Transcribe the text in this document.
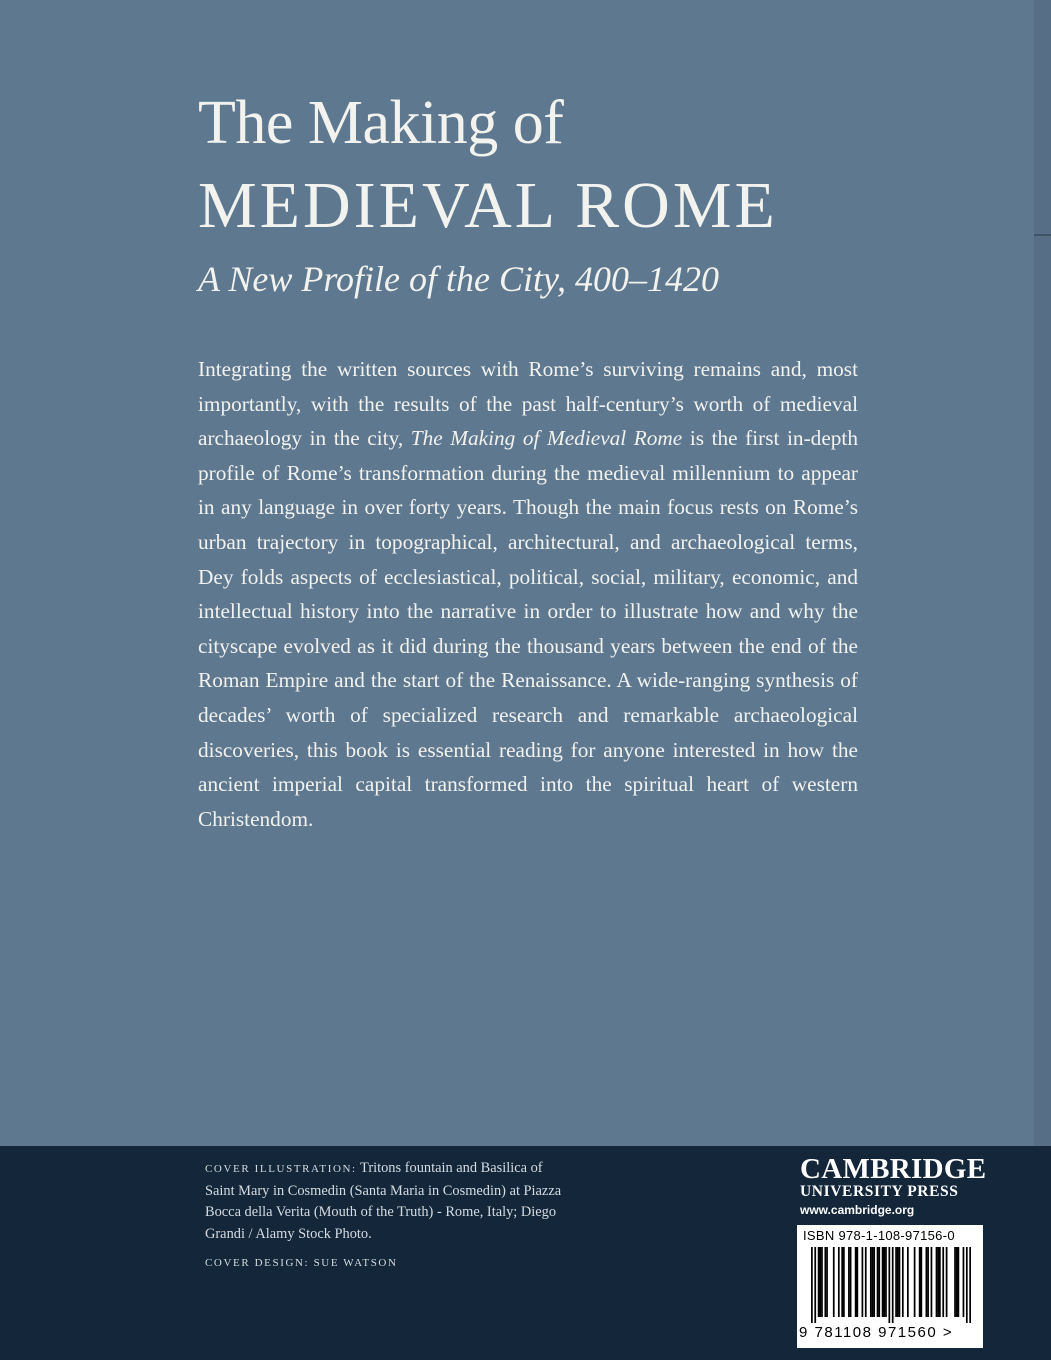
The Making of
MEDIEVAL ROME
A New Profile of the City, 400–1420

Integrating the written sources with Rome’s surviving remains and, most importantly, with the results of the past half-century’s worth of medieval archaeology in the city, The Making of Medieval Rome is the first in-depth profile of Rome’s transformation during the medieval millennium to appear in any language in over forty years. Though the main focus rests on Rome’s urban trajectory in topographical, architectural, and archaeological terms, Dey folds aspects of ecclesiastical, political, social, military, economic, and intellectual history into the narrative in order to illustrate how and why the cityscape evolved as it did during the thousand years between the end of the Roman Empire and the start of the Renaissance. A wide-ranging synthesis of decades’ worth of specialized research and remarkable archaeological discoveries, this book is essential reading for anyone interested in how the ancient imperial capital transformed into the spiritual heart of western Christendom.

COVER ILLUSTRATION: Tritons fountain and Basilica of Saint Mary in Cosmedin (Santa Maria in Cosmedin) at Piazza Bocca della Verita (Mouth of the Truth) - Rome, Italy; Diego Grandi / Alamy Stock Photo.

COVER DESIGN: SUE WATSON

CAMBRIDGE
UNIVERSITY PRESS
www.cambridge.org
ISBN 978-1-108-97156-0
9 781108 971560 >
